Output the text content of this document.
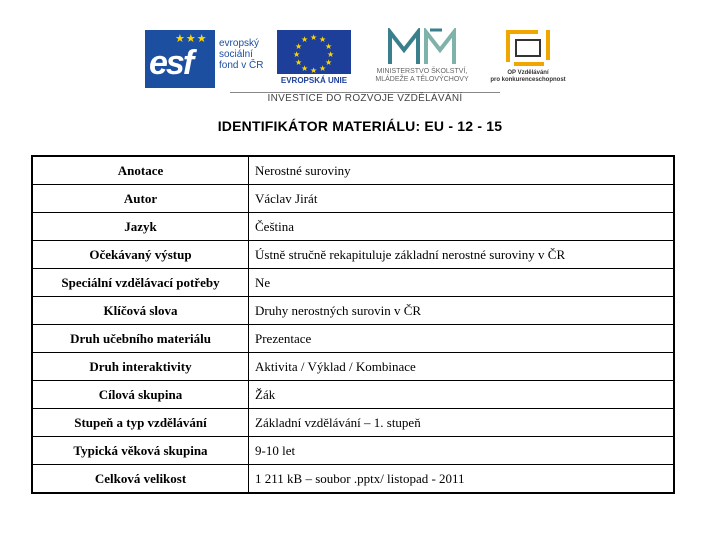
★★★
esf
evropský
sociální
fond v ČR
★ ★
★
★
★
★
★
★
★
★
★
★
EVROPSKÁ UNIE
MINISTERSTVO ŠKOLSTVÍ,
MLÁDEŽE A TĚLOVÝCHOVY
OP Vzdělávání
pro konkurenceschopnost
INVESTICE DO ROZVOJE VZDĚLÁVÁNÍ
IDENTIFIKÁTOR MATERIÁLU: EU - 12 - 15
Anotace	Nerostné suroviny
Autor	Václav Jirát
Jazyk	Čeština
Očekávaný výstup	Ústně stručně rekapituluje základní nerostné suroviny v ČR
Speciální vzdělávací potřeby	Ne
Klíčová slova	Druhy nerostných surovin v ČR
Druh učebního materiálu	Prezentace
Druh interaktivity	Aktivita / Výklad / Kombinace
Cílová skupina	Žák
Stupeň a typ vzdělávání	Základní vzdělávání – 1. stupeň
Typická věková skupina	9-10 let
Celková velikost	1 211 kB – soubor .pptx/ listopad - 2011
